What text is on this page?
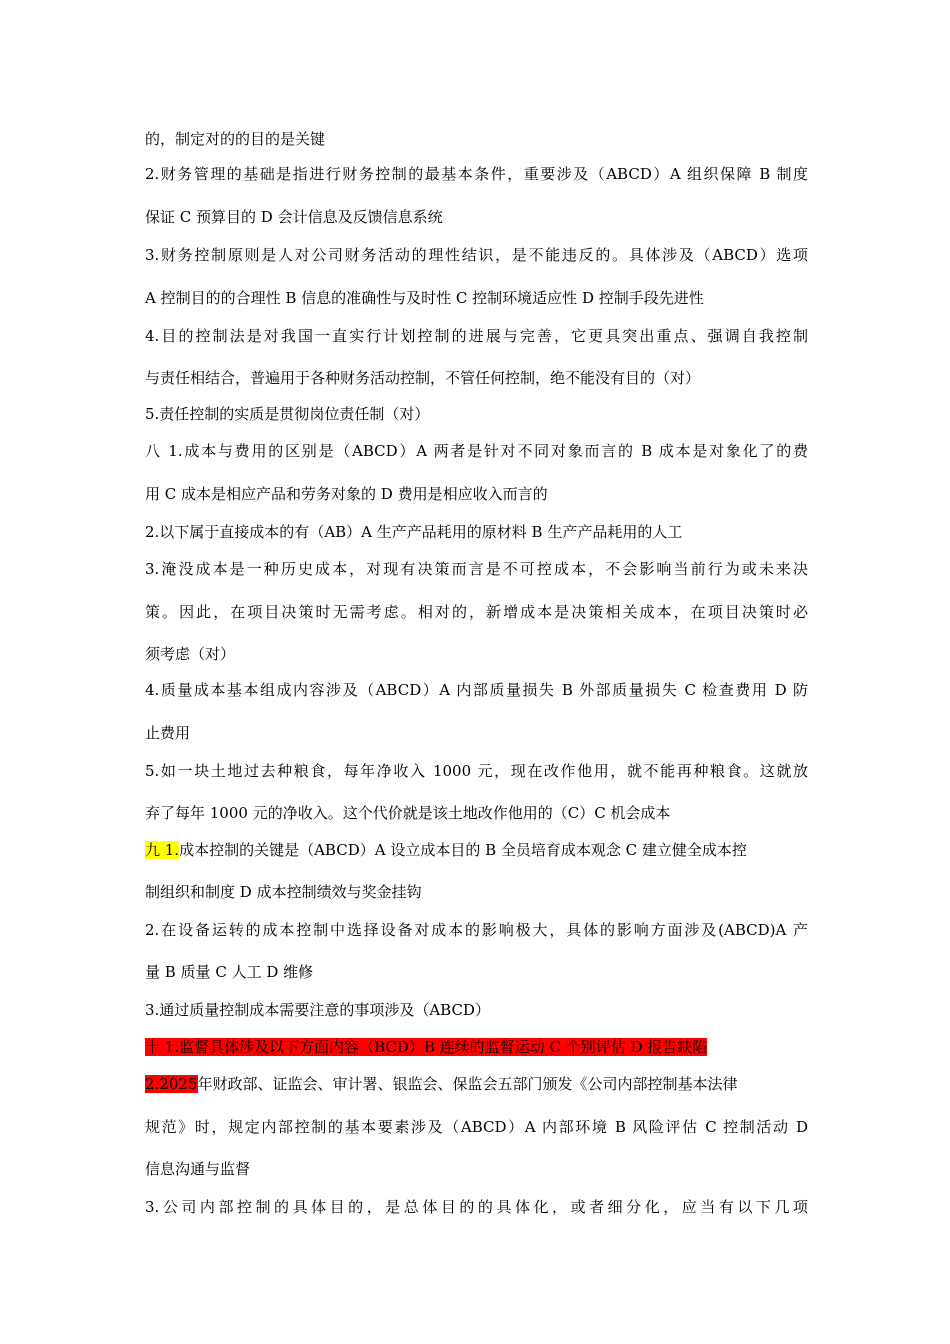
的，制定对的的目的是关键

2.财务管理的基础是指进行财务控制的最基本条件，重要涉及（ABCD）A 组织保障 B 制度

保证 C 预算目的 D 会计信息及反馈信息系统

3.财务控制原则是人对公司财务活动的理性结识，是不能违反的。具体涉及（ABCD）选项

A 控制目的的合理性 B 信息的准确性与及时性 C 控制环境适应性 D 控制手段先进性

4.目的控制法是对我国一直实行计划控制的进展与完善，它更具突出重点、强调自我控制

与责任相结合，普遍用于各种财务活动控制，不管任何控制，绝不能没有目的（对）

5.责任控制的实质是贯彻岗位责任制（对）

八 1.成本与费用的区别是（ABCD）A 两者是针对不同对象而言的 B 成本是对象化了的费

用 C 成本是相应产品和劳务对象的 D 费用是相应收入而言的

2.以下属于直接成本的有（AB）A 生产产品耗用的原材料 B 生产产品耗用的人工

3.淹没成本是一种历史成本，对现有决策而言是不可控成本，不会影响当前行为或未来决

策。因此，在项目决策时无需考虑。相对的，新增成本是决策相关成本，在项目决策时必

须考虑（对）

4.质量成本基本组成内容涉及（ABCD）A 内部质量损失 B 外部质量损失 C 检查费用 D 防

止费用

5.如一块土地过去种粮食，每年净收入 1000 元，现在改作他用，就不能再种粮食。这就放

弃了每年 1000 元的净收入。这个代价就是该土地改作他用的（C）C 机会成本

九 1.成本控制的关键是（ABCD）A 设立成本目的 B 全员培育成本观念 C 建立健全成本控

制组织和制度 D 成本控制绩效与奖金挂钩

2.在设备运转的成本控制中选择设备对成本的影响极大，具体的影响方面涉及(ABCD)A 产

量 B 质量 C 人工 D 维修

3.通过质量控制成本需要注意的事项涉及（ABCD）

十 1.监督具体涉及以下方面内容（BCD）B 连续的监督运动 C 个别评估 D 报告缺陷

2.2025年财政部、证监会、审计署、银监会、保监会五部门颁发《公司内部控制基本法律

规范》时，规定内部控制的基本要素涉及（ABCD）A 内部环境 B 风险评估 C 控制活动 D

信息沟通与监督

3.公司内部控制的具体目的，是总体目的的具体化，或者细分化，应当有以下几项
